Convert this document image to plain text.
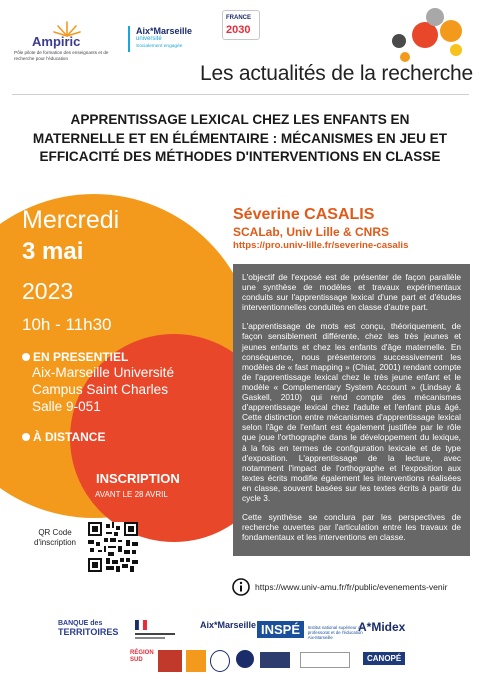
Ampiric
Pôle pilote de formation des enseignants et de recherche pour l'éducation
Aix*Marseille
université
Socialement engagée
FRANCE
2030
Les actualités de la recherche
APPRENTISSAGE LEXICAL CHEZ LES ENFANTS EN MATERNELLE ET EN ÉLÉMENTAIRE : MÉCANISMES EN JEU ET EFFICACITÉ DES MÉTHODES D'INTERVENTIONS EN CLASSE
Mercredi
3 mai
2023
10h - 11h30
EN PRESENTIEL
Aix-Marseille Université
Campus Saint Charles
Salle 9-051
À DISTANCE
INSCRIPTION
AVANT LE 28 AVRIL
Séverine CASALIS
SCALab, Univ Lille & CNRS
https://pro.univ-lille.fr/severine-casalis

L'objectif de l'exposé est de présenter de façon parallèle une synthèse de modèles et travaux expérimentaux conduits sur l'apprentissage lexical d'une part et d'études interventionnelles conduites en classe d'autre part.

L'apprentissage de mots est conçu, théoriquement, de façon sensiblement différente, chez les très jeunes et jeunes enfants et chez les enfants d'âge maternelle. En conséquence, nous présenterons successivement les modèles de « fast mapping » (Chiat, 2001) rendant compte de l'apprentissage lexical chez le très jeune enfant et le modèle « Complementary System Account » (Lindsay & Gaskell, 2010) qui rend compte des mécanismes d'apprentissage lexical chez l'adulte et l'enfant plus âgé. Cette distinction entre mécanismes d'apprentissage lexical selon l'âge de l'enfant est également justifiée par le rôle que joue l'orthographe dans le développement du lexique, à la fois en termes de configuration lexicale et de type d'exposition. L'apprentissage de la lecture, avec notamment l'impact de l'orthographe et l'exposition aux textes écrits modifie également les interventions réalisées en classe, souvent basées sur les textes écrits à partir du cycle 3.

Cette synthèse se conclura par les perspectives de recherche ouvertes par l'articulation entre les travaux de fondamentaux et les interventions en classe.

QR Code d'inscription
https://www.univ-amu.fr/fr/public/evenements-venir
BANQUE des
TERRITOIRES
Aix*Marseille INSPÉ Institut national supérieur du professorat et de l'éducation Aix-Marseille
A*Midex
RÉGION SUD	CANOPÉ
